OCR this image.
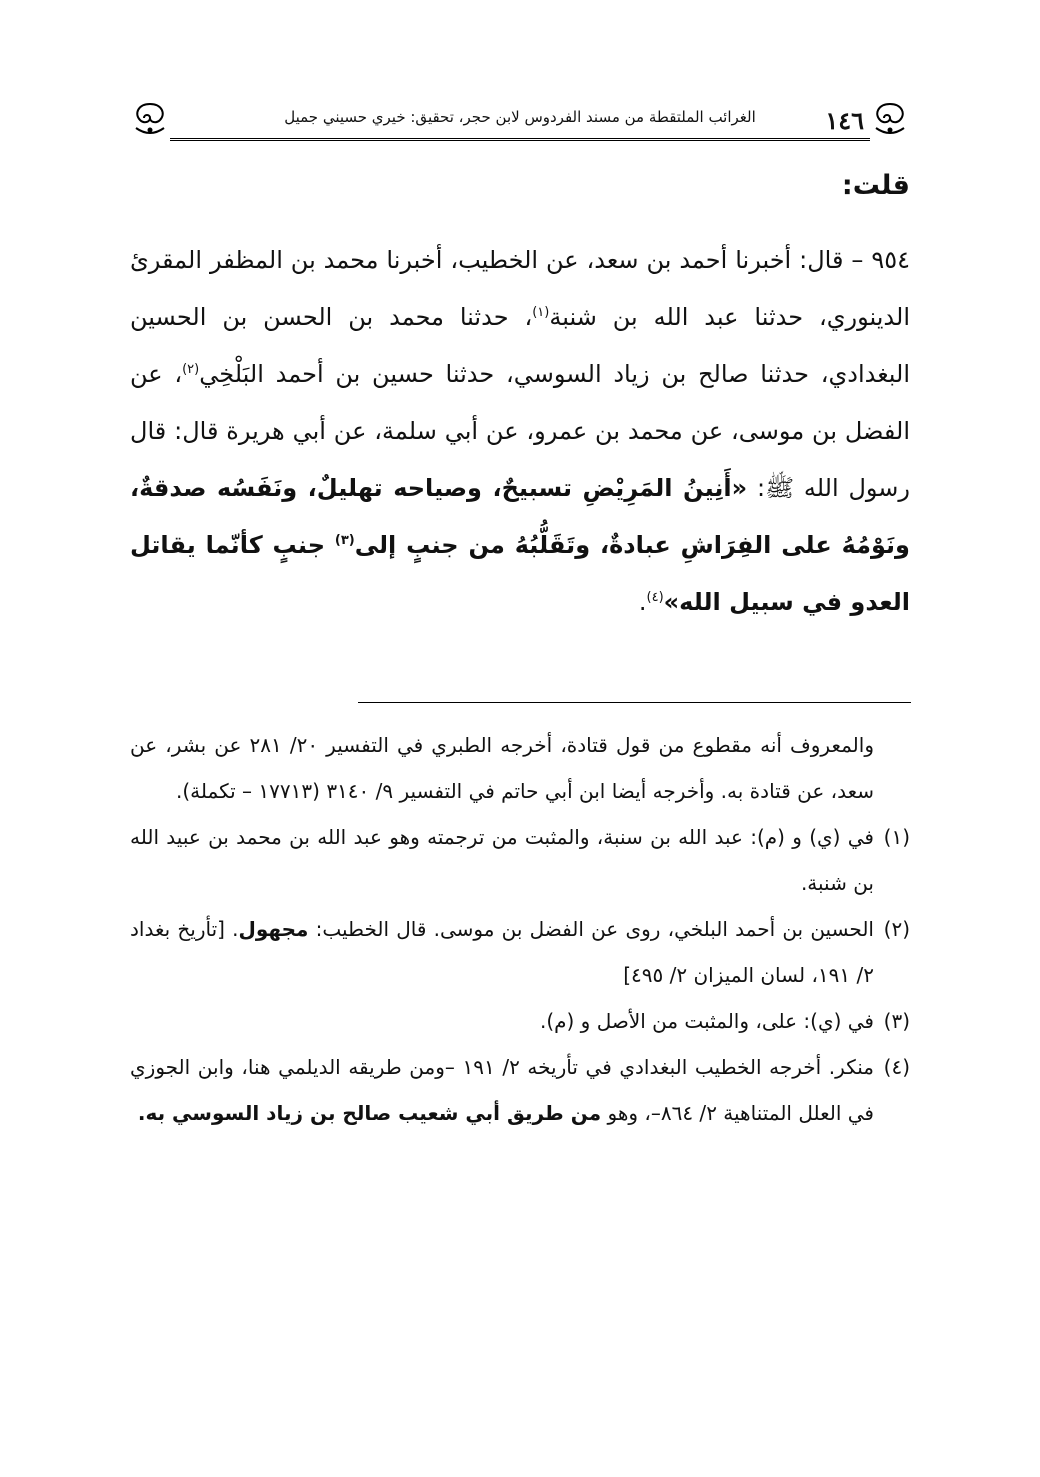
١٤٦
الغرائب الملتقطة من مسند الفردوس لابن حجر، تحقيق: خيري حسيني جميل
قلت:
٩٥٤ – قال: أخبرنا أحمد بن سعد، عن الخطيب، أخبرنا محمد بن المظفر المقرئ الدينوري، حدثنا عبد الله بن شنبة$^{(١)}$، حدثنا محمد بن الحسن بن الحسين البغدادي، حدثنا صالح بن زياد السوسي، حدثنا حسين بن أحمد البَلْخِي$^{(٢)}$، عن الفضل بن موسى، عن محمد بن عمرو، عن أبي سلمة، عن أبي هريرة قال: قال رسول الله ﷺ: «أَنِينُ المَرِيْضِ تسبيحٌ، وصياحه تهليلٌ، ونَفَسُه صدقةٌ، ونَوْمُهُ على الفِرَاشِ عبادةٌ، وتَقَلُّبُهُ من جنبٍ إلى$^{(٣)}$ جنبٍ كأنّما يقاتل العدو في سبيل الله»$^{(٤)}$.
والمعروف أنه مقطوع من قول قتادة، أخرجه الطبري في التفسير ٢٠/ ٢٨١ عن بشر، عن سعد، عن قتادة به. وأخرجه أيضا ابن أبي حاتم في التفسير ٩/ ٣١٤٠ (١٧٧١٣ – تكملة).
(١)
في (ي) و (م): عبد الله بن سنبة، والمثبت من ترجمته وهو عبد الله بن محمد بن عبيد الله بن شنبة.
(٢)
الحسين بن أحمد البلخي، روى عن الفضل بن موسى. قال الخطيب: مجهول. [تأريخ بغداد ٢/ ١٩١، لسان الميزان ٢/ ٤٩٥]
(٣)
في (ي): على، والمثبت من الأصل و (م).
(٤)
منكر. أخرجه الخطيب البغدادي في تأريخه ٢/ ١٩١ –ومن طريقه الديلمي هنا، وابن الجوزي في العلل المتناهية ٢/ ٨٦٤–، وهو من طريق أبي شعيب صالح بن زياد السوسي به.
